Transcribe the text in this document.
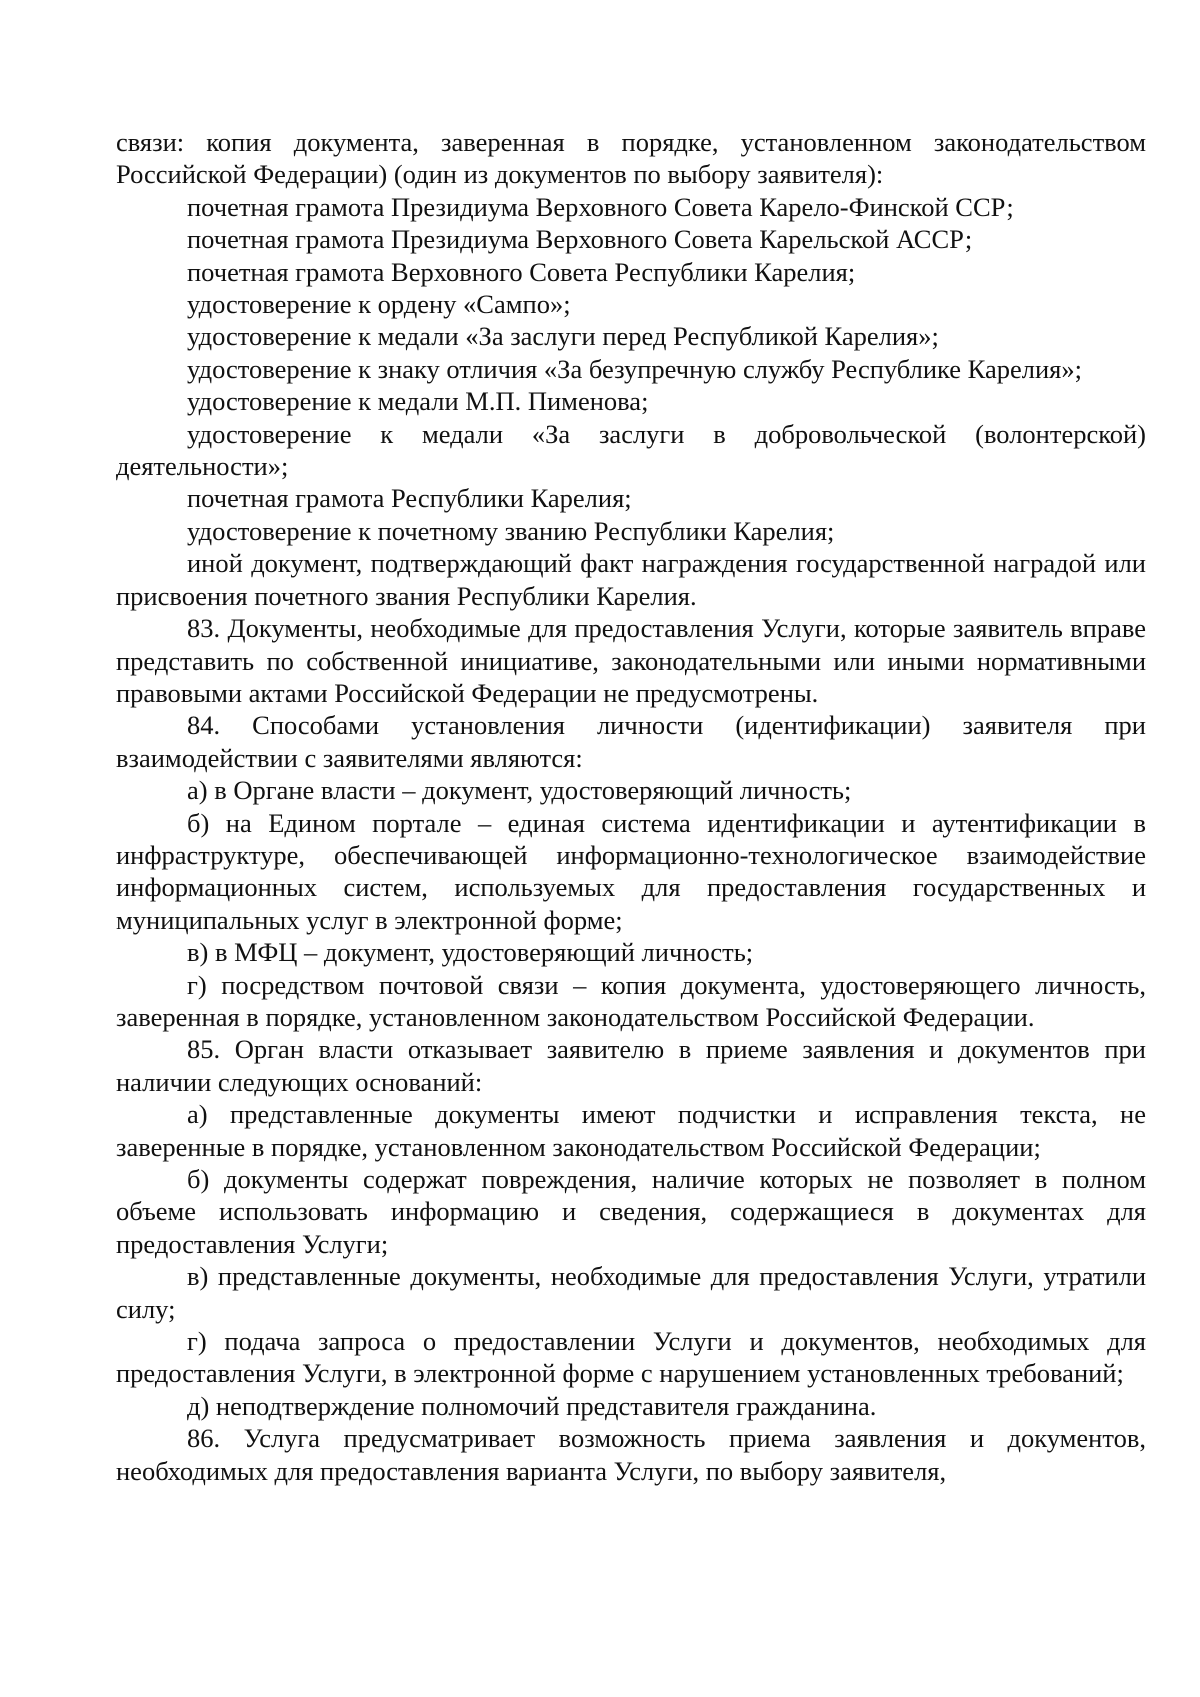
связи: копия документа, заверенная в порядке, установленном законодательством Российской Федерации) (один из документов по выбору заявителя):

почетная грамота Президиума Верховного Совета Карело-Финской ССР;

почетная грамота Президиума Верховного Совета Карельской АССР;

почетная грамота Верховного Совета Республики Карелия;

удостоверение к ордену «Сампо»;

удостоверение к медали «За заслуги перед Республикой Карелия»;

удостоверение к знаку отличия «За безупречную службу Республике Карелия»;

удостоверение к медали М.П. Пименова;

удостоверение к медали «За заслуги в добровольческой (волонтерской) деятельности»;

почетная грамота Республики Карелия;

удостоверение к почетному званию Республики Карелия;

иной документ, подтверждающий факт награждения государственной наградой или присвоения почетного звания Республики Карелия.

83. Документы, необходимые для предоставления Услуги, которые заявитель вправе представить по собственной инициативе, законодательными или иными нормативными правовыми актами Российской Федерации не предусмотрены.

84. Способами установления личности (идентификации) заявителя при взаимодействии с заявителями являются:

а) в Органе власти – документ, удостоверяющий личность;

б) на Едином портале – единая система идентификации и аутентификации в инфраструктуре, обеспечивающей информационно-технологическое взаимодействие информационных систем, используемых для предоставления государственных и муниципальных услуг в электронной форме;

в) в МФЦ – документ, удостоверяющий личность;

г) посредством почтовой связи – копия документа, удостоверяющего личность, заверенная в порядке, установленном законодательством Российской Федерации.

85. Орган власти отказывает заявителю в приеме заявления и документов при наличии следующих оснований:

а) представленные документы имеют подчистки и исправления текста, не заверенные в порядке, установленном законодательством Российской Федерации;

б) документы содержат повреждения, наличие которых не позволяет в полном объеме использовать информацию и сведения, содержащиеся в документах для предоставления Услуги;

в) представленные документы, необходимые для предоставления Услуги, утратили силу;

г) подача запроса о предоставлении Услуги и документов, необходимых для предоставления Услуги, в электронной форме с нарушением установленных требований;

д) неподтверждение полномочий представителя гражданина.

86. Услуга предусматривает возможность приема заявления и документов, необходимых для предоставления варианта Услуги, по выбору заявителя,
